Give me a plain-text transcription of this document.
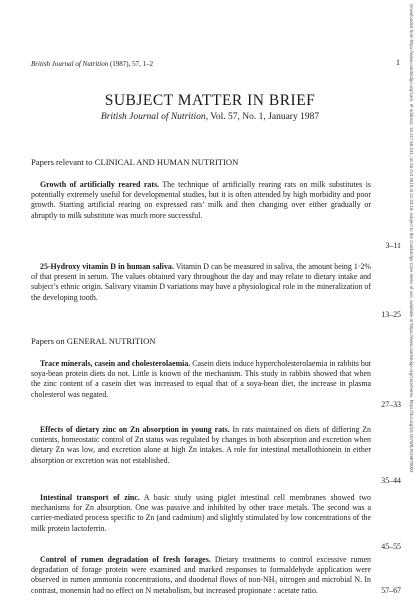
British Journal of Nutrition (1987), 57, 1–2	1
SUBJECT MATTER IN BRIEF
British Journal of Nutrition, Vol. 57, No. 1, January 1987
Papers relevant to CLINICAL AND HUMAN NUTRITION

Growth of artificially reared rats. The technique of artificially rearing rats on milk substitutes is potentially extremely useful for developmental studies, but it is often attended by high morbidity and poor growth. Starting artificial rearing on expressed rats’ milk and then changing over either gradually or abruptly to milk substitute was much more successful.

3–11

25-Hydroxy vitamin D in human saliva. Vitamin D can be measured in saliva, the amount being 1·2% of that present in serum. The values obtained vary throughout the day and may relate to dietary intake and subject’s ethnic origin. Salivary vitamin D variations may have a physiological role in the mineralization of the developing tooth.

13–25
Papers on GENERAL NUTRITION

Trace minerals, casein and cholesterolaemia. Casein diets induce hypercholesterolaemia in rabbits but soya-bean protein diets do not. Little is known of the mechanism. This study in rabbits showed that when the zinc content of a casein diet was increased to equal that of a soya-bean diet, the increase in plasma cholesterol was negated.

27–33

Effects of dietary zinc on Zn absorption in young rats. In rats maintained on diets of differing Zn contents, homeostatic control of Zn status was regulated by changes in both absorption and excretion when dietary Zn was low, and excretion alone at high Zn intakes. A role for intestinal metallothionein in either absorption or excretion was not established.

35–44

Intestinal transport of zinc. A basic study using piglet intestinal cell membranes showed two mechanisms for Zn absorption. One was passive and inhibited by other trace metals. The second was a carrier-mediated process specific to Zn (and cadmium) and slightly stimulated by low concentrations of the milk protein lactoferrin.

45–55

Control of rumen degradation of fresh forages. Dietary treatments to control excessive rumen degradation of forage protein were examined and marked responses to formaldehyde application were observed in rumen ammonia concentrations, and duodenal flows of non-NH₃ nitrogen and microbial N. In contrast, monensin had no effect on N metabolism, but increased propionate : acetate ratio.	57–67
Downloaded from https://www.cambridge.org/core. IP address: 18.117.68.241, on 03 Oct 2019 at 21:23:19, subject to the Cambridge Core terms of use, available at https://www.cambridge.org/core/terms. https://doi.org/10.1079/BJN19870003
